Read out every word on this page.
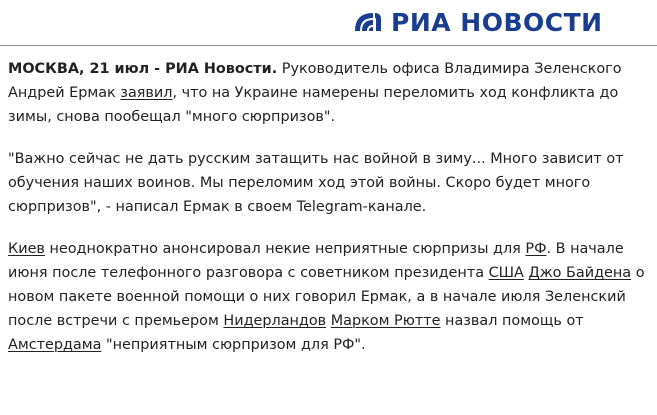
РИА НОВОСТИ

МОСКВА, 21 июл - РИА Новости. Руководитель офиса Владимира Зеленского Андрей Ермак заявил, что на Украине намерены переломить ход конфликта до зимы, снова пообещал "много сюрпризов".

"Важно сейчас не дать русским затащить нас войной в зиму... Много зависит от обучения наших воинов. Мы переломим ход этой войны. Скоро будет много сюрпризов", - написал Ермак в своем Telegram-канале.

Киев неоднократно анонсировал некие неприятные сюрпризы для РФ. В начале июня после телефонного разговора с советником президента США Джо Байдена о новом пакете военной помощи о них говорил Ермак, а в начале июля Зеленский после встречи с премьером Нидерландов Марком Рютте назвал помощь от Амстердама "неприятным сюрпризом для РФ".
